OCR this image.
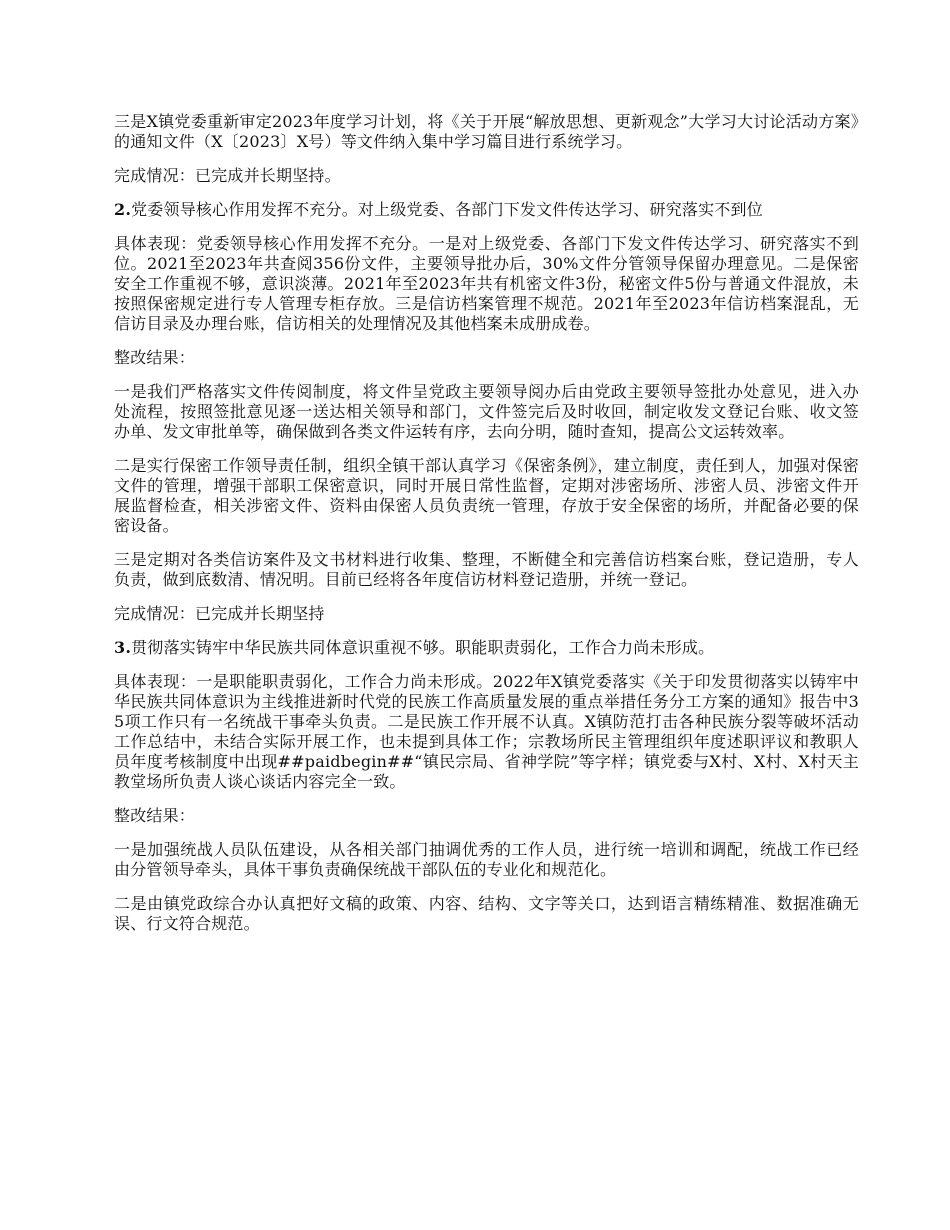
三是X镇党委重新审定2023年度学习计划，将《关于开展“解放思想、更新观念”大学习大讨论活动方案》的通知文件（X〔2023〕X号）等文件纳入集中学习篇目进行系统学习。

完成情况：已完成并长期坚持。

2.党委领导核心作用发挥不充分。对上级党委、各部门下发文件传达学习、研究落实不到位

具体表现：党委领导核心作用发挥不充分。一是对上级党委、各部门下发文件传达学习、研究落实不到位。2021至2023年共查阅356份文件，主要领导批办后，30%文件分管领导保留办理意见。二是保密安全工作重视不够，意识淡薄。2021年至2023年共有机密文件3份，秘密文件5份与普通文件混放，未按照保密规定进行专人管理专柜存放。三是信访档案管理不规范。2021年至2023年信访档案混乱，无信访目录及办理台账，信访相关的处理情况及其他档案未成册成卷。

整改结果：

一是我们严格落实文件传阅制度，将文件呈党政主要领导阅办后由党政主要领导签批办处意见，进入办处流程，按照签批意见逐一送达相关领导和部门，文件签完后及时收回，制定收发文登记台账、收文签办单、发文审批单等，确保做到各类文件运转有序，去向分明，随时查知，提高公文运转效率。

二是实行保密工作领导责任制，组织全镇干部认真学习《保密条例》，建立制度，责任到人，加强对保密文件的管理，增强干部职工保密意识，同时开展日常性监督，定期对涉密场所、涉密人员、涉密文件开展监督检查，相关涉密文件、资料由保密人员负责统一管理，存放于安全保密的场所，并配备必要的保密设备。

三是定期对各类信访案件及文书材料进行收集、整理，不断健全和完善信访档案台账，登记造册，专人负责，做到底数清、情况明。目前已经将各年度信访材料登记造册，并统一登记。

完成情况：已完成并长期坚持

3.贯彻落实铸牢中华民族共同体意识重视不够。职能职责弱化，工作合力尚未形成。

具体表现：一是职能职责弱化，工作合力尚未形成。2022年X镇党委落实《关于印发贯彻落实以铸牢中华民族共同体意识为主线推进新时代党的民族工作高质量发展的重点举措任务分工方案的通知》报告中35项工作只有一名统战干事牵头负责。二是民族工作开展不认真。X镇防范打击各种民族分裂等破坏活动工作总结中，未结合实际开展工作，也未提到具体工作；宗教场所民主管理组织年度述职评议和教职人员年度考核制度中出现##paidbegin##“镇民宗局、省神学院”等字样；镇党委与X村、X村、X村天主教堂场所负责人谈心谈话内容完全一致。

整改结果：

一是加强统战人员队伍建设，从各相关部门抽调优秀的工作人员，进行统一培训和调配，统战工作已经由分管领导牵头，具体干事负责确保统战干部队伍的专业化和规范化。

二是由镇党政综合办认真把好文稿的政策、内容、结构、文字等关口，达到语言精练精准、数据准确无误、行文符合规范。
